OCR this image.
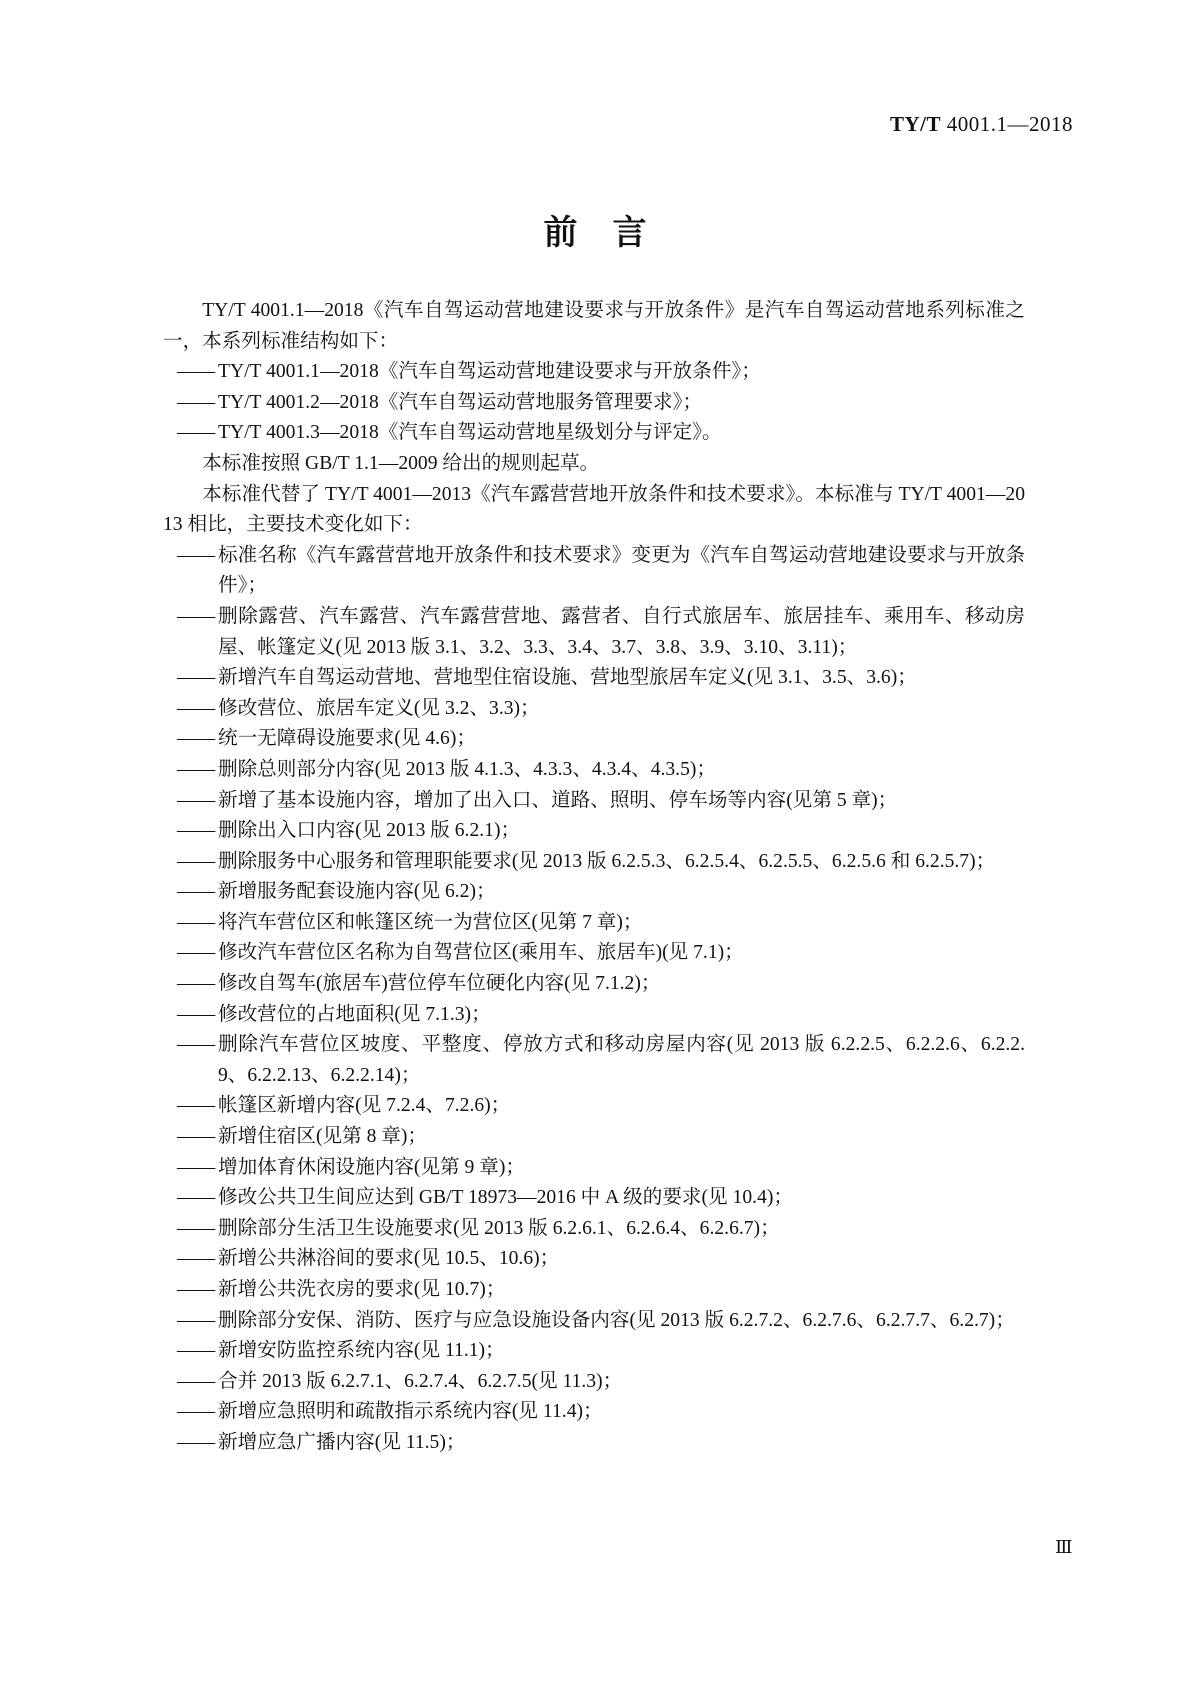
TY/T 4001.1—2018
前 言

TY/T 4001.1—2018《汽车自驾运动营地建设要求与开放条件》是汽车自驾运动营地系列标准之一，本系列标准结构如下：

—— TY/T 4001.1—2018《汽车自驾运动营地建设要求与开放条件》；
—— TY/T 4001.2—2018《汽车自驾运动营地服务管理要求》；
—— TY/T 4001.3—2018《汽车自驾运动营地星级划分与评定》。

本标准按照 GB/T 1.1—2009 给出的规则起草。

本标准代替了 TY/T 4001—2013《汽车露营营地开放条件和技术要求》。本标准与 TY/T 4001—2013 相比，主要技术变化如下：

—— 标准名称《汽车露营营地开放条件和技术要求》变更为《汽车自驾运动营地建设要求与开放条件》；
—— 删除露营、汽车露营、汽车露营营地、露营者、自行式旅居车、旅居挂车、乘用车、移动房屋、帐篷定义(见 2013 版 3.1、3.2、3.3、3.4、3.7、3.8、3.9、3.10、3.11)；
—— 新增汽车自驾运动营地、营地型住宿设施、营地型旅居车定义(见 3.1、3.5、3.6)；
—— 修改营位、旅居车定义(见 3.2、3.3)；
—— 统一无障碍设施要求(见 4.6)；
—— 删除总则部分内容(见 2013 版 4.1.3、4.3.3、4.3.4、4.3.5)；
—— 新增了基本设施内容，增加了出入口、道路、照明、停车场等内容(见第 5 章)；
—— 删除出入口内容(见 2013 版 6.2.1)；
—— 删除服务中心服务和管理职能要求(见 2013 版 6.2.5.3、6.2.5.4、6.2.5.5、6.2.5.6 和 6.2.5.7)；
—— 新增服务配套设施内容(见 6.2)；
—— 将汽车营位区和帐篷区统一为营位区(见第 7 章)；
—— 修改汽车营位区名称为自驾营位区(乘用车、旅居车)(见 7.1)；
—— 修改自驾车(旅居车)营位停车位硬化内容(见 7.1.2)；
—— 修改营位的占地面积(见 7.1.3)；
—— 删除汽车营位区坡度、平整度、停放方式和移动房屋内容(见 2013 版 6.2.2.5、6.2.2.6、6.2.2.9、6.2.2.13、6.2.2.14)；
—— 帐篷区新增内容(见 7.2.4、7.2.6)；
—— 新增住宿区(见第 8 章)；
—— 增加体育休闲设施内容(见第 9 章)；
—— 修改公共卫生间应达到 GB/T 18973—2016 中 A 级的要求(见 10.4)；
—— 删除部分生活卫生设施要求(见 2013 版 6.2.6.1、6.2.6.4、6.2.6.7)；
—— 新增公共淋浴间的要求(见 10.5、10.6)；
—— 新增公共洗衣房的要求(见 10.7)；
—— 删除部分安保、消防、医疗与应急设施设备内容(见 2013 版 6.2.7.2、6.2.7.6、6.2.7.7、6.2.7)；
—— 新增安防监控系统内容(见 11.1)；
—— 合并 2013 版 6.2.7.1、6.2.7.4、6.2.7.5(见 11.3)；
—— 新增应急照明和疏散指示系统内容(见 11.4)；
—— 新增应急广播内容(见 11.5)；
Ⅲ
